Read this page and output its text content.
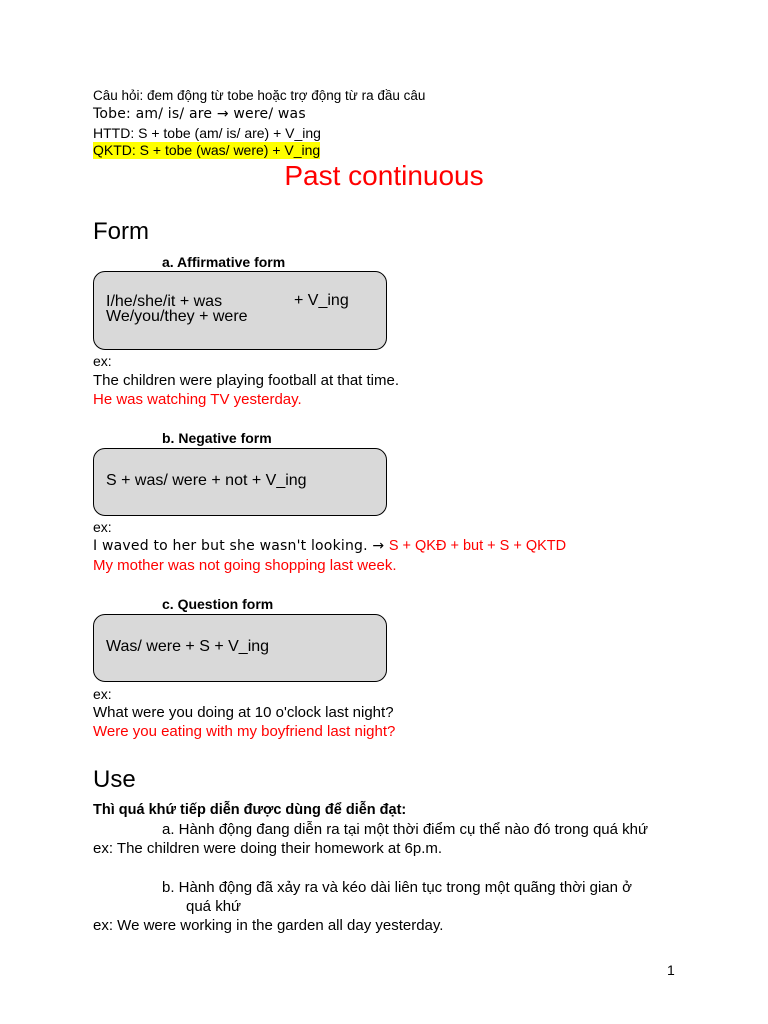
Câu hỏi: đem động từ tobe hoặc trợ động từ ra đầu câu
Tobe: am/ is/ are → were/ was
HTTD: S + tobe (am/ is/ are) + V_ing
QKTD: S + tobe (was/ were) + V_ing
Past continuous
Form
a. Affirmative form
I/he/she/it + was
We/you/they + were
+ V_ing
ex:
The children were playing football at that time.
He was watching TV yesterday.
b. Negative form
S + was/ were + not + V_ing
ex:
I waved to her but she wasn't looking. → S + QKĐ + but + S + QKTD
My mother was not going shopping last week.
c. Question form
Was/ were + S + V_ing
ex:
What were you doing at 10 o'clock last night?
Were you eating with my boyfriend last night?
Use
Thì quá khứ tiếp diễn được dùng để diễn đạt:
a. Hành động đang diễn ra tại một thời điểm cụ thể nào đó trong quá khứ
ex: The children were doing their homework at 6p.m.
b. Hành động đã xảy ra và kéo dài liên tục trong một quãng thời gian ở
quá khứ
ex: We were working in the garden all day yesterday.
1
